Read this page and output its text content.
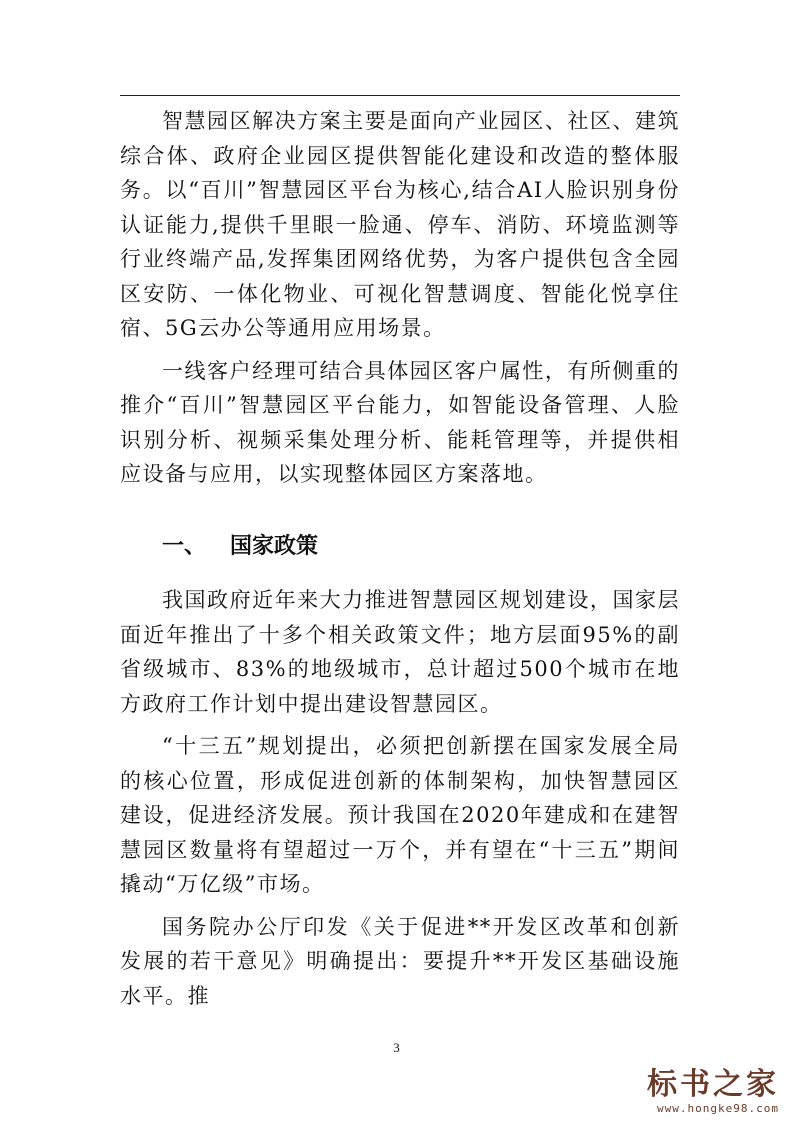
智慧园区解决方案主要是面向产业园区、社区、建筑综合体、政府企业园区提供智能化建设和改造的整体服务。以“百川”智慧园区平台为核心,结合AI人脸识别身份认证能力,提供千里眼一脸通、停车、消防、环境监测等行业终端产品,发挥集团网络优势，为客户提供包含全园区安防、一体化物业、可视化智慧调度、智能化悦享住宿、5G云办公等通用应用场景。

一线客户经理可结合具体园区客户属性，有所侧重的推介“百川”智慧园区平台能力，如智能设备管理、人脸识别分析、视频采集处理分析、能耗管理等，并提供相应设备与应用，以实现整体园区方案落地。

一、 国家政策

我国政府近年来大力推进智慧园区规划建设，国家层面近年推出了十多个相关政策文件；地方层面95%的副省级城市、83%的地级城市，总计超过500个城市在地方政府工作计划中提出建设智慧园区。

“十三五”规划提出，必须把创新摆在国家发展全局的核心位置，形成促进创新的体制架构，加快智慧园区建设，促进经济发展。预计我国在2020年建成和在建智慧园区数量将有望超过一万个，并有望在“十三五”期间撬动“万亿级”市场。

国务院办公厅印发《关于促进**开发区改革和创新发展的若干意见》明确提出：要提升**开发区基础设施水平。推

3
标书之家
www.hongke98.com
